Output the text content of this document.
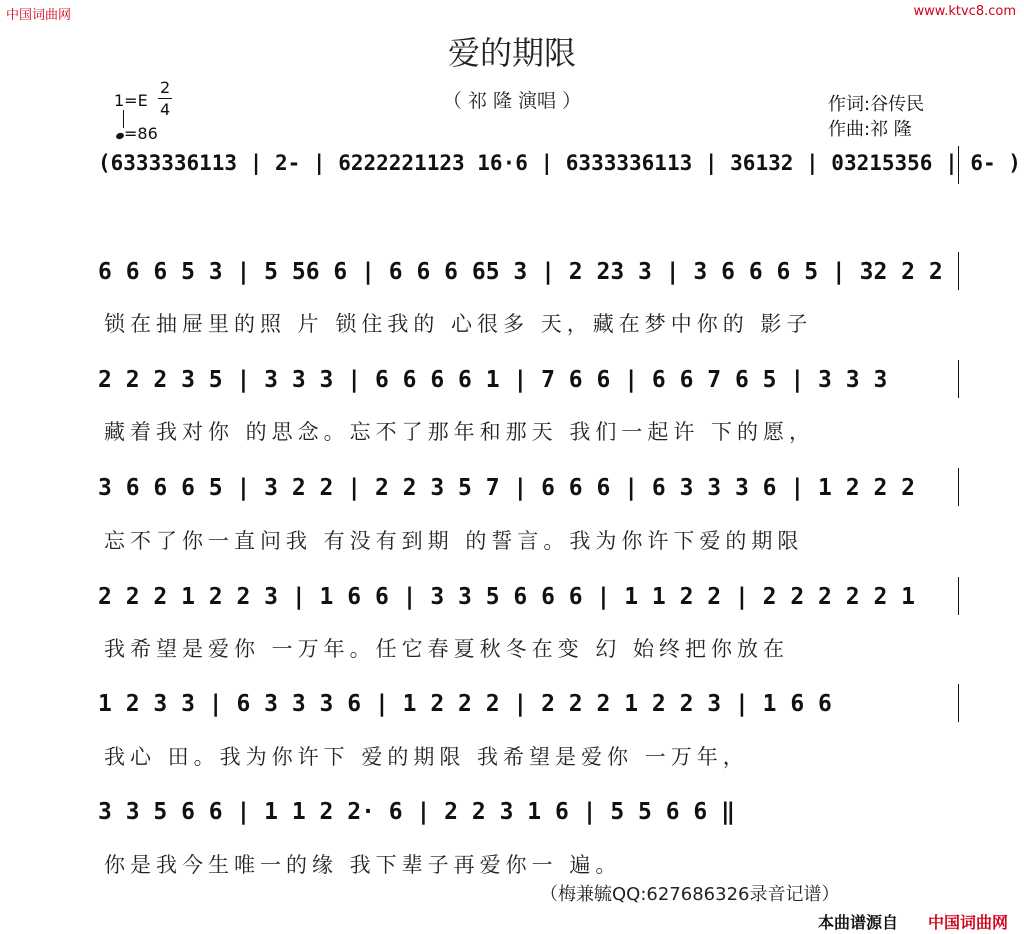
中国词曲网	www.ktvc8.com
爱的期限
（ 祁 隆 演唱 ）
1=E
2
4
=86
作词:谷传民
作曲:祁 隆
(6333336113 | 2- | 6222221123 16·6 | 6333336113 | 36132 | 03215356 | 6- )
6 6 6 5 3 | 5 56 6 | 6 6 6 65 3 | 2 23 3 | 3 6 6 6 5 | 32 2 2
锁在抽屉里的照 片 锁住我的 心很多 天，藏在梦中你的 影子
2 2 2 3 5 | 3 3 3 | 6 6 6 6 1 | 7 6 6 | 6 6 7 6 5 | 3 3 3
藏着我对你 的思念。忘不了那年和那天 我们一起许 下的愿，
3 6 6 6 5 | 3 2 2 | 2 2 3 5 7 | 6 6 6 | 6 3 3 3 6 | 1 2 2 2
忘不了你一直问我 有没有到期 的誓言。我为你许下爱的期限
2 2 2 1 2 2 3 | 1 6 6 | 3 3 5 6 6 6 | 1 1 2 2 | 2 2 2 2 2 1
我希望是爱你 一万年。任它春夏秋冬在变 幻 始终把你放在
1 2 3 3 | 6 3 3 3 6 | 1 2 2 2 | 2 2 2 1 2 2 3 | 1 6 6
我心 田。我为你许下 爱的期限 我希望是爱你 一万年，
3 3 5 6 6 | 1 1 2 2· 6 | 2 2 3 1 6 | 5 5 6 6 ‖
你是我今生唯一的缘 我下辈子再爱你一 遍。
（梅兼毓QQ:627686326录音记谱）
本曲谱源自 中国词曲网
